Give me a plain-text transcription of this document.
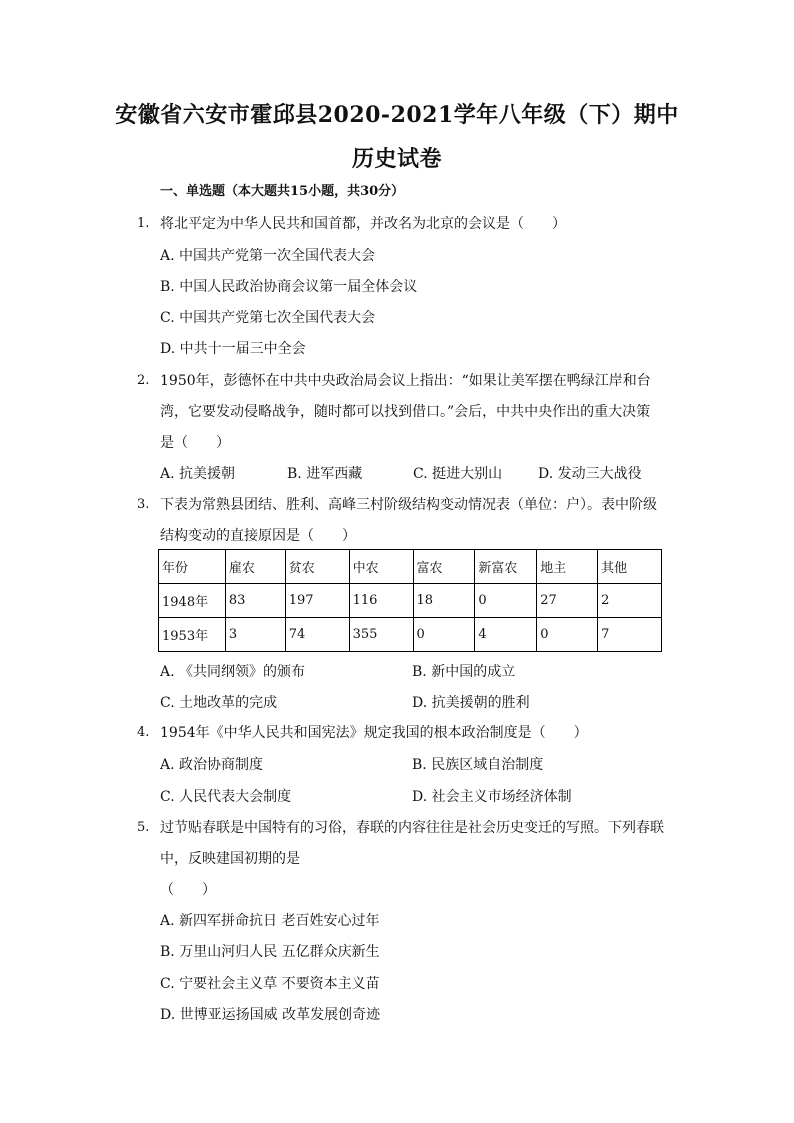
安徽省六安市霍邱县2020-2021学年八年级（下）期中
历史试卷
一、单选题（本大题共15小题，共30分）
1. 将北平定为中华人民共和国首都，并改名为北京的会议是（　　）
A. 中国共产党第一次全国代表大会
B. 中国人民政治协商会议第一届全体会议
C. 中国共产党第七次全国代表大会
D. 中共十一届三中全会
2. 1950年，彭德怀在中共中央政治局会议上指出：“如果让美军摆在鸭绿江岸和台
湾，它要发动侵略战争，随时都可以找到借口。”会后，中共中央作出的重大决策
是（　　）
A. 抗美援朝	B. 进军西藏	C. 挺进大别山	D. 发动三大战役
3. 下表为常熟县团结、胜利、高峰三村阶级结构变动情况表（单位：户）。表中阶级
结构变动的直接原因是（　　）
年份	雇农	贫农	中农	富农	新富农	地主	其他
1948年	83	197	116	18	0	27	2
1953年	3	74	355	0	4	0	7
A. 《共同纲领》的颁布	B. 新中国的成立
C. 土地改革的完成	D. 抗美援朝的胜利
4. 1954年《中华人民共和国宪法》规定我国的根本政治制度是（　　）
A. 政治协商制度	B. 民族区域自治制度
C. 人民代表大会制度	D. 社会主义市场经济体制
5. 过节贴春联是中国特有的习俗，春联的内容往往是社会历史变迁的写照。下列春联
中，反映建国初期的是
（　　）
A. 新四军拼命抗日 老百姓安心过年
B. 万里山河归人民 五亿群众庆新生
C. 宁要社会主义草 不要资本主义苗
D. 世博亚运扬国威 改革发展创奇迹
